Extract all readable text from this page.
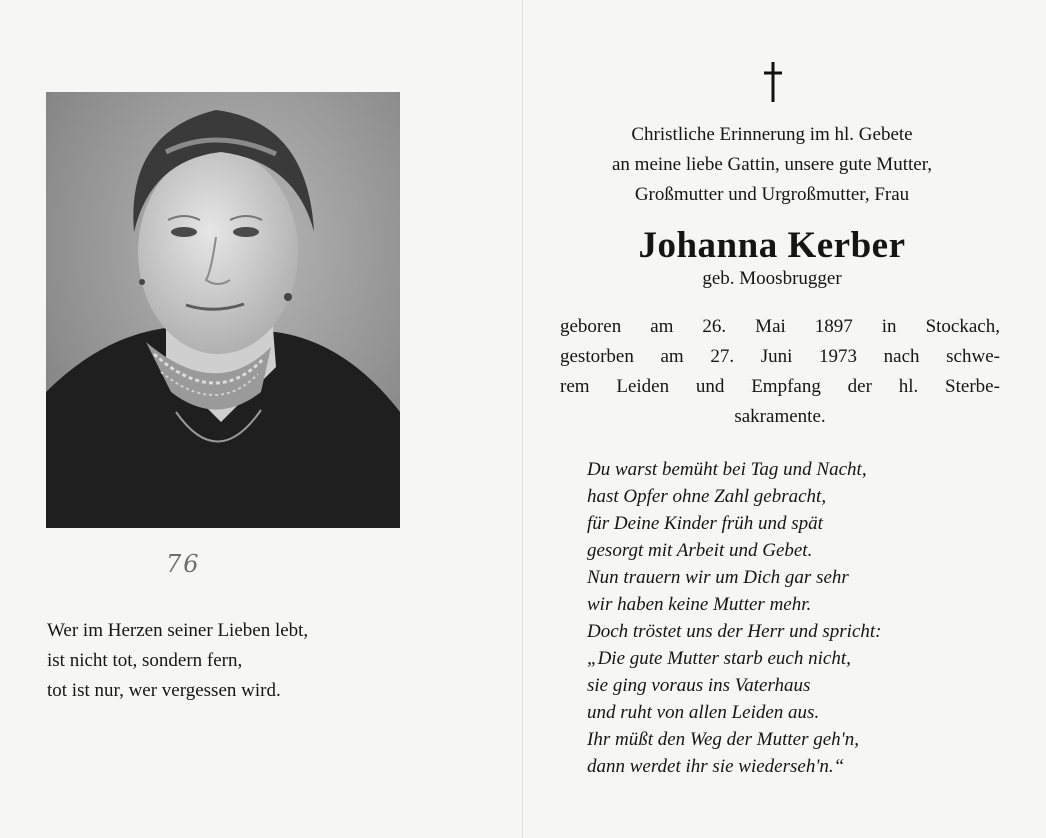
76
Wer im Herzen seiner Lieben lebt,
ist nicht tot, sondern fern,
tot ist nur, wer vergessen wird.
Christliche Erinnerung im hl. Gebete
an meine liebe Gattin, unsere gute Mutter,
Großmutter und Urgroßmutter, Frau
Johanna Kerber
geb. Moosbrugger
geboren am 26. Mai 1897 in Stockach,
gestorben am 27. Juni 1973 nach schwe-
rem Leiden und Empfang der hl. Sterbe-
sakramente.
Du warst bemüht bei Tag und Nacht,
hast Opfer ohne Zahl gebracht,
für Deine Kinder früh und spät
gesorgt mit Arbeit und Gebet.
Nun trauern wir um Dich gar sehr
wir haben keine Mutter mehr.
Doch tröstet uns der Herr und spricht:
„Die gute Mutter starb euch nicht,
sie ging voraus ins Vaterhaus
und ruht von allen Leiden aus.
Ihr müßt den Weg der Mutter geh'n,
dann werdet ihr sie wiederseh'n.“
